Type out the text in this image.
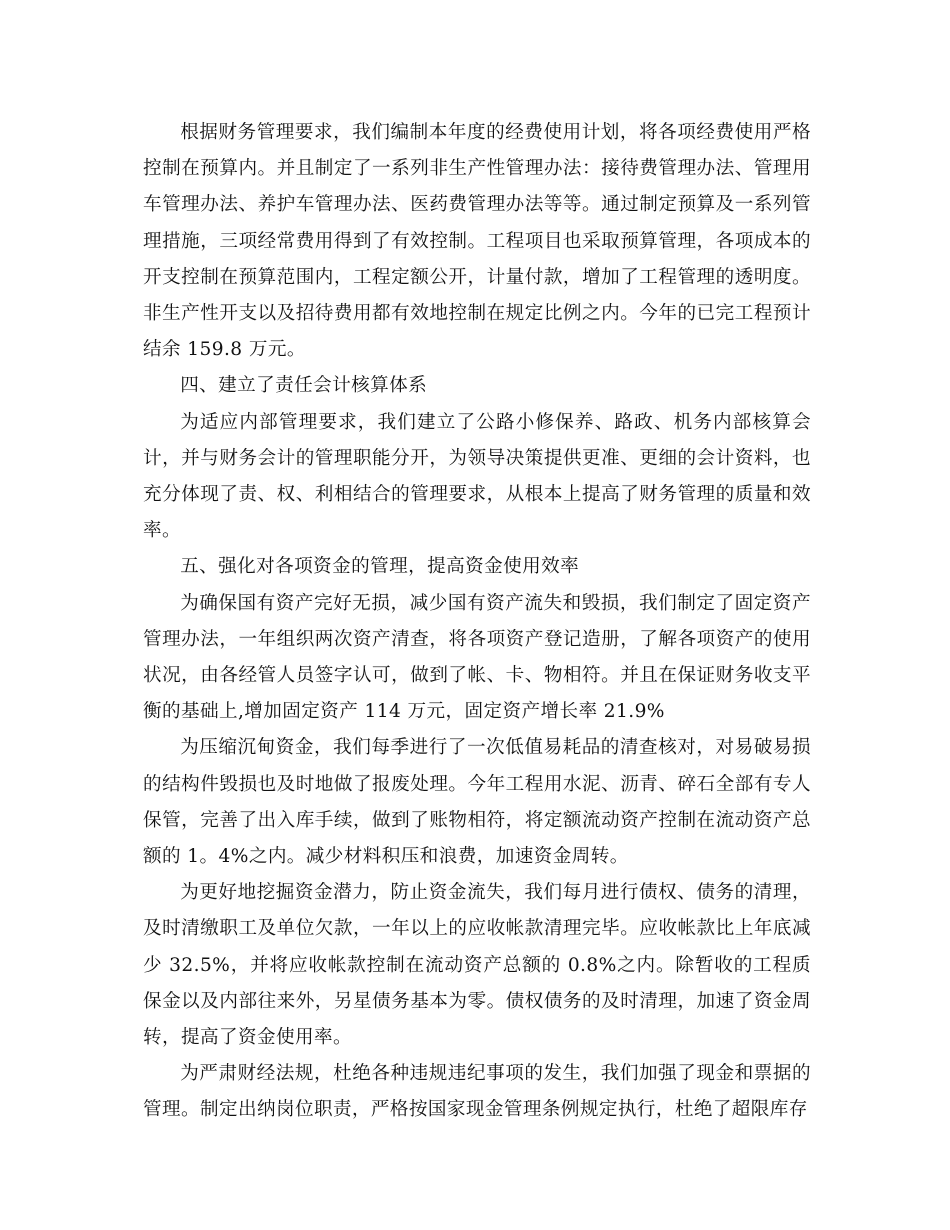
根据财务管理要求，我们编制本年度的经费使用计划，将各项经费使用严格控制在预算内。并且制定了一系列非生产性管理办法：接待费管理办法、管理用车管理办法、养护车管理办法、医药费管理办法等等。通过制定预算及一系列管理措施，三项经常费用得到了有效控制。工程项目也采取预算管理，各项成本的开支控制在预算范围内，工程定额公开，计量付款，增加了工程管理的透明度。非生产性开支以及招待费用都有效地控制在规定比例之内。今年的已完工程预计结余 159.8 万元。

四、建立了责任会计核算体系

为适应内部管理要求，我们建立了公路小修保养、路政、机务内部核算会计，并与财务会计的管理职能分开，为领导决策提供更准、更细的会计资料，也充分体现了责、权、利相结合的管理要求，从根本上提高了财务管理的质量和效率。

五、强化对各项资金的管理，提高资金使用效率

为确保国有资产完好无损，减少国有资产流失和毁损，我们制定了固定资产管理办法，一年组织两次资产清查，将各项资产登记造册，了解各项资产的使用状况，由各经管人员签字认可，做到了帐、卡、物相符。并且在保证财务收支平衡的基础上,增加固定资产 114 万元，固定资产增长率 21.9%

为压缩沉甸资金，我们每季进行了一次低值易耗品的清查核对，对易破易损的结构件毁损也及时地做了报废处理。今年工程用水泥、沥青、碎石全部有专人保管，完善了出入库手续，做到了账物相符，将定额流动资产控制在流动资产总额的 1。4%之内。减少材料积压和浪费，加速资金周转。

为更好地挖掘资金潜力，防止资金流失，我们每月进行债权、债务的清理，及时清缴职工及单位欠款，一年以上的应收帐款清理完毕。应收帐款比上年底减少 32.5%，并将应收帐款控制在流动资产总额的 0.8%之内。除暂收的工程质保金以及内部往来外，另星债务基本为零。债权债务的及时清理，加速了资金周转，提高了资金使用率。

为严肃财经法规，杜绝各种违规违纪事项的发生，我们加强了现金和票据的管理。制定出纳岗位职责，严格按国家现金管理条例规定执行，杜绝了超限库存
